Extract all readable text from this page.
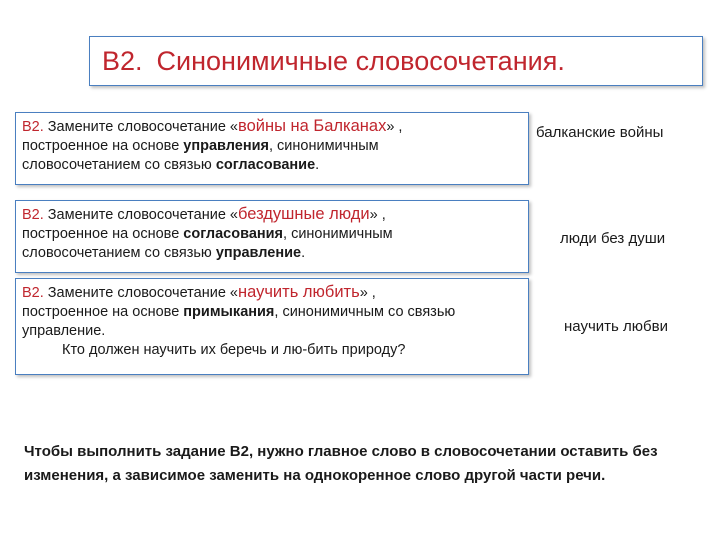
B2. Синонимичные словосочетания.
B2. Замените словосочетание «войны на Балканах» ,
построенное на основе управления, синонимичным
словосочетанием со связью согласование.
B2. Замените словосочетание «бездушные люди» ,
построенное на основе согласования, синонимичным
словосочетанием со связью управление.
B2. Замените словосочетание «научить любить» ,
построенное на основе примыкания, синонимичным со связью
управление.
Кто должен научить их беречь и лю-бить природу?
балканские войны
люди без души
научить любви
Чтобы выполнить задание В2, нужно главное слово в словосочетании оставить без изменения, а зависимое заменить на однокоренное слово другой части речи.
